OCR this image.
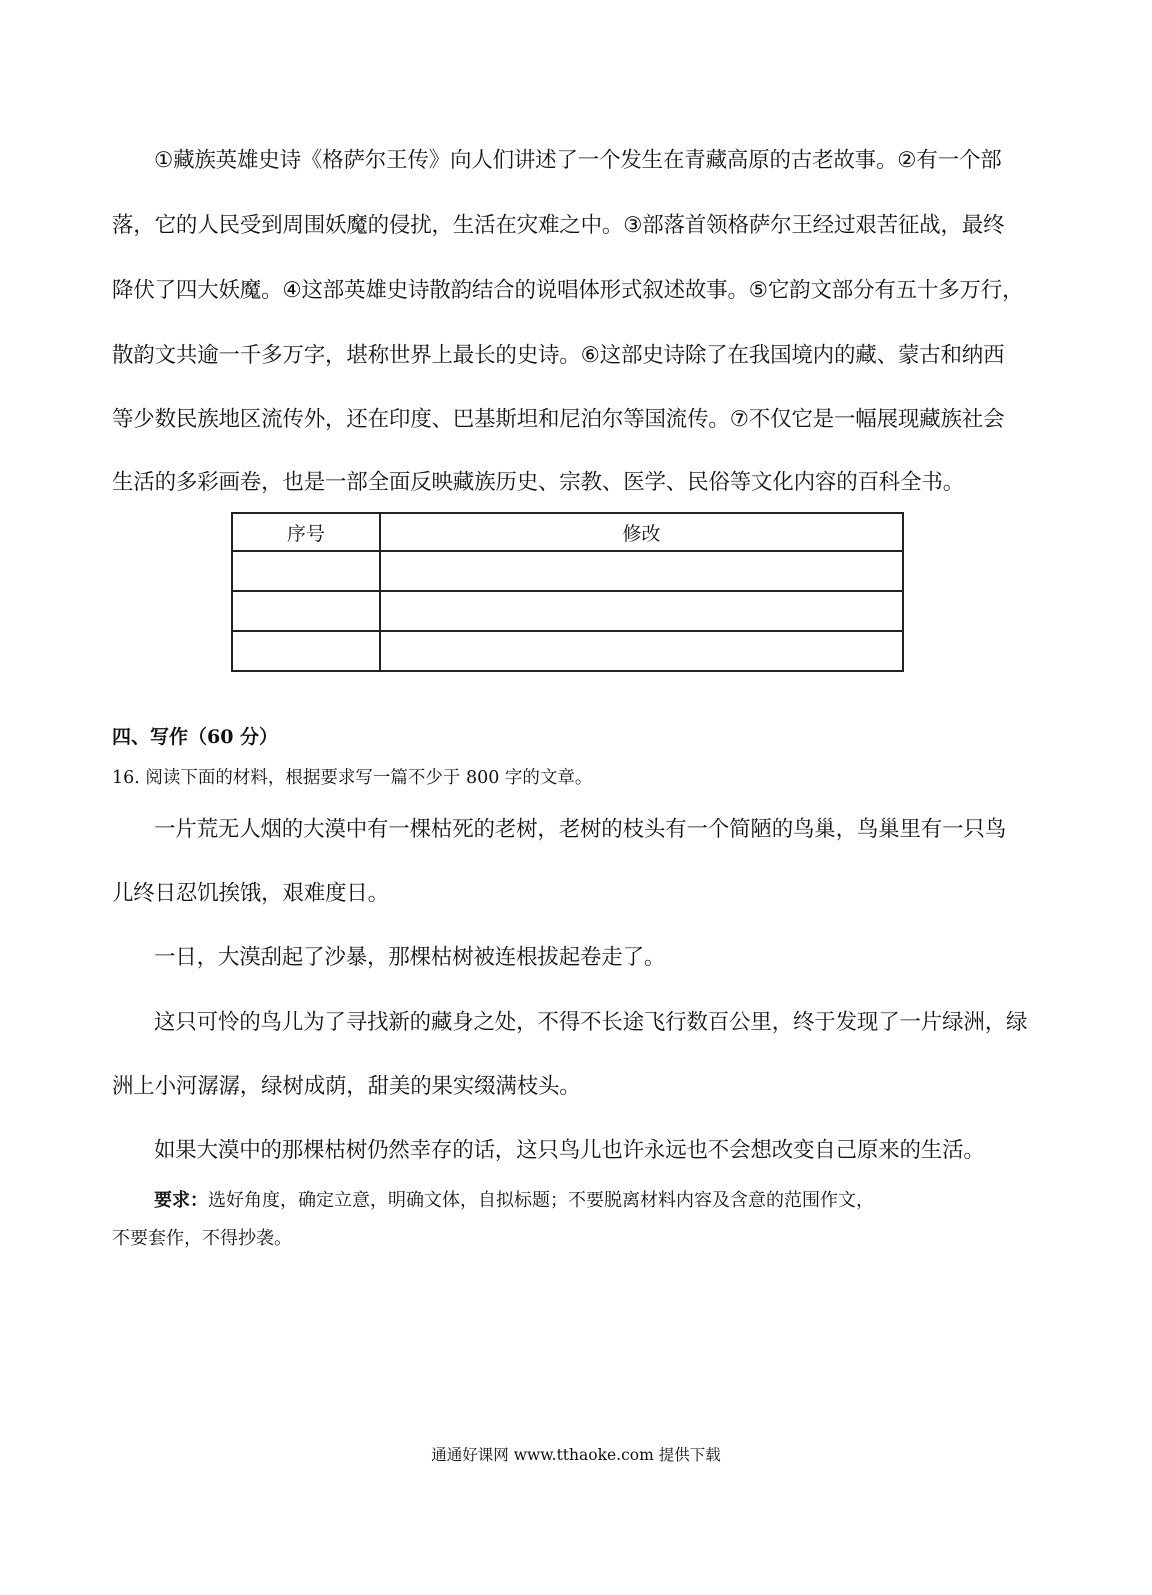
①藏族英雄史诗《格萨尔王传》向人们讲述了一个发生在青藏高原的古老故事。②有一个部
落，它的人民受到周围妖魔的侵扰，生活在灾难之中。③部落首领格萨尔王经过艰苦征战，最终
降伏了四大妖魔。④这部英雄史诗散韵结合的说唱体形式叙述故事。⑤它韵文部分有五十多万行，
散韵文共逾一千多万字，堪称世界上最长的史诗。⑥这部史诗除了在我国境内的藏、蒙古和纳西
等少数民族地区流传外，还在印度、巴基斯坦和尼泊尔等国流传。⑦不仅它是一幅展现藏族社会
生活的多彩画卷，也是一部全面反映藏族历史、宗教、医学、民俗等文化内容的百科全书。
序号	修改

四、写作（60 分）
16. 阅读下面的材料，根据要求写一篇不少于 800 字的文章。
一片荒无人烟的大漠中有一棵枯死的老树，老树的枝头有一个简陋的鸟巢，鸟巢里有一只鸟
儿终日忍饥挨饿，艰难度日。
一日，大漠刮起了沙暴，那棵枯树被连根拔起卷走了。
这只可怜的鸟儿为了寻找新的藏身之处，不得不长途飞行数百公里，终于发现了一片绿洲，绿
洲上小河潺潺，绿树成荫，甜美的果实缀满枝头。
如果大漠中的那棵枯树仍然幸存的话，这只鸟儿也许永远也不会想改变自己原来的生活。
要求：选好角度，确定立意，明确文体，自拟标题；不要脱离材料内容及含意的范围作文，
不要套作，不得抄袭。
通通好课网 www.tthaoke.com 提供下载
